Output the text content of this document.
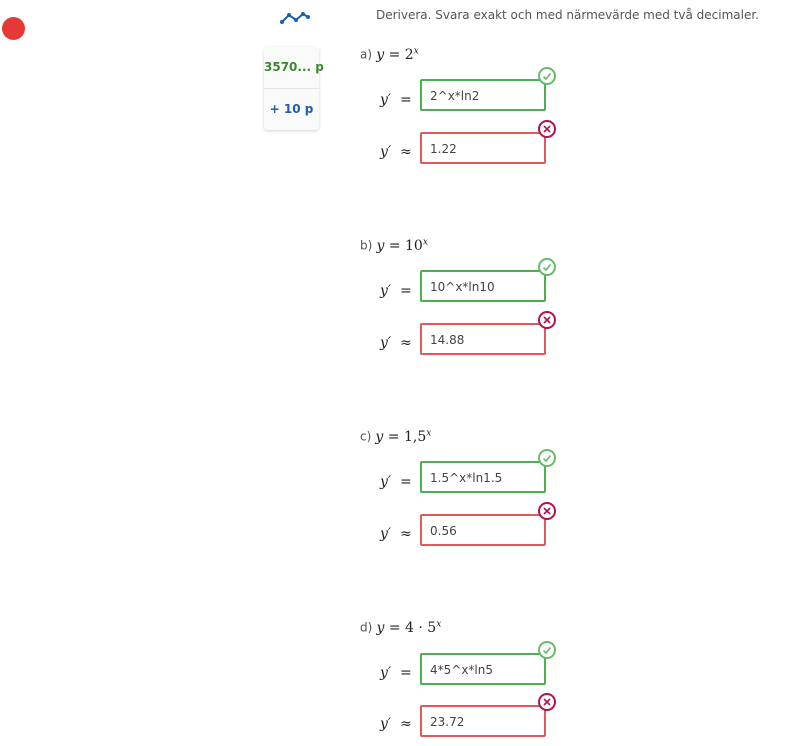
3570... p
+ 10 p
Derivera. Svara exakt och med närmevärde med två decimaler.
a) $y = 2^x$
y′ = 2^x*ln2
y′ ≈ 1.22
b) $y = 10^x$
y′ = 10^x*ln10
y′ ≈ 14.88
c) $y = 1,5^x$
y′ = 1.5^x*ln1.5
y′ ≈ 0.56
d) $y = 4 \cdot 5^x$
y′ = 4*5^x*ln5
y′ ≈ 23.72
